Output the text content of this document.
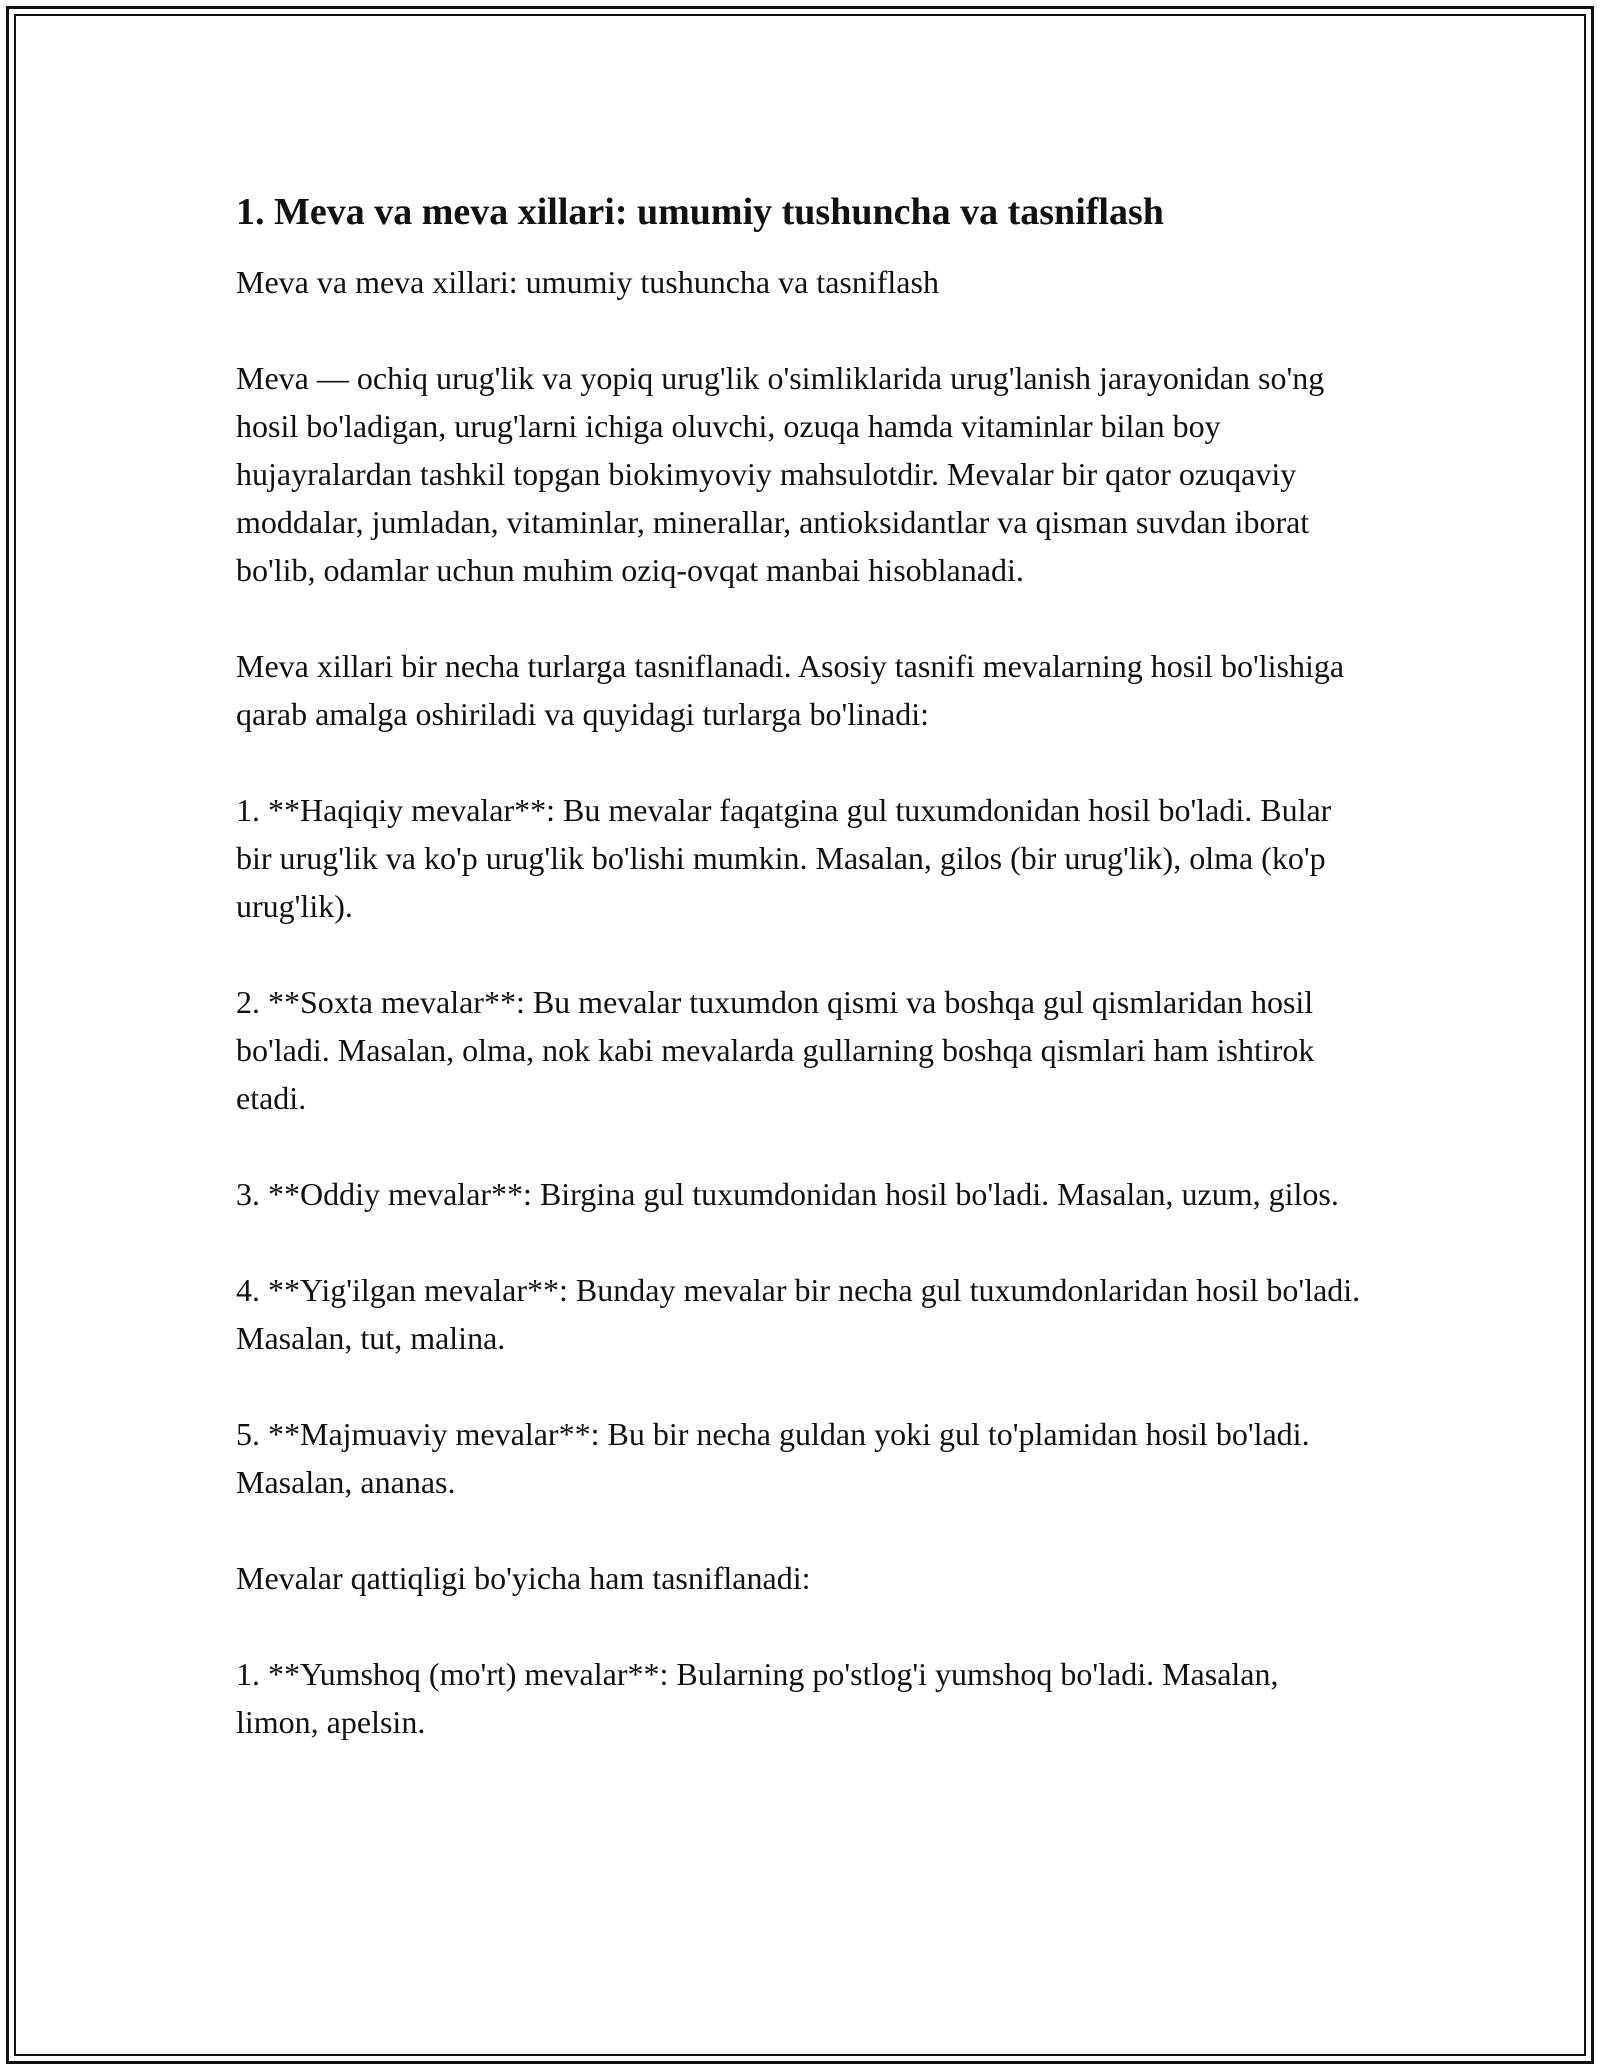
1. Meva va meva xillari: umumiy tushuncha va tasniflash

Meva va meva xillari: umumiy tushuncha va tasniflash

Meva — ochiq urug'lik va yopiq urug'lik o'simliklarida urug'lanish jarayonidan so'ng hosil bo'ladigan, urug'larni ichiga oluvchi, ozuqa hamda vitaminlar bilan boy hujayralardan tashkil topgan biokimyoviy mahsulotdir. Mevalar bir qator ozuqaviy moddalar, jumladan, vitaminlar, minerallar, antioksidantlar va qisman suvdan iborat bo'lib, odamlar uchun muhim oziq-ovqat manbai hisoblanadi.

Meva xillari bir necha turlarga tasniflanadi. Asosiy tasnifi mevalarning hosil bo'lishiga qarab amalga oshiriladi va quyidagi turlarga bo'linadi:

1. **Haqiqiy mevalar**: Bu mevalar faqatgina gul tuxumdonidan hosil bo'ladi. Bular bir urug'lik va ko'p urug'lik bo'lishi mumkin. Masalan, gilos (bir urug'lik), olma (ko'p urug'lik).

2. **Soxta mevalar**: Bu mevalar tuxumdon qismi va boshqa gul qismlaridan hosil bo'ladi. Masalan, olma, nok kabi mevalarda gullarning boshqa qismlari ham ishtirok etadi.

3. **Oddiy mevalar**: Birgina gul tuxumdonidan hosil bo'ladi. Masalan, uzum, gilos.

4. **Yig'ilgan mevalar**: Bunday mevalar bir necha gul tuxumdonlaridan hosil bo'ladi. Masalan, tut, malina.

5. **Majmuaviy mevalar**: Bu bir necha guldan yoki gul to'plamidan hosil bo'ladi. Masalan, ananas.

Mevalar qattiqligi bo'yicha ham tasniflanadi:

1. **Yumshoq (mo'rt) mevalar**: Bularning po'stlog'i yumshoq bo'ladi. Masalan, limon, apelsin.
